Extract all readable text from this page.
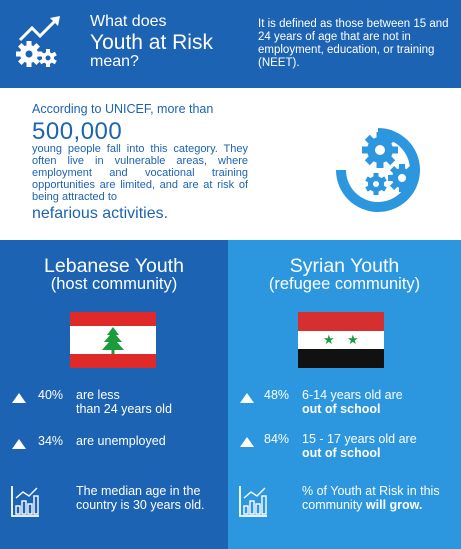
What does
Youth at Risk
mean?
It is defined as those between 15 and 24 years of age that are not in employment, education, or training (NEET).
According to UNICEF, more than
500,000
young people fall into this category. They often live in vulnerable areas, where employment and vocational training opportunities are limited, and are at risk of being attracted to
nefarious activities.
Lebanese Youth
(host community)
40% are less
than 24 years old
34% are unemployed
The median age in the country is 30 years old.
Syrian Youth
(refugee community)
★ ★
48% 6-14 years old are
out of school
84% 15 - 17 years old are
out of school
% of Youth at Risk in this community will grow.
